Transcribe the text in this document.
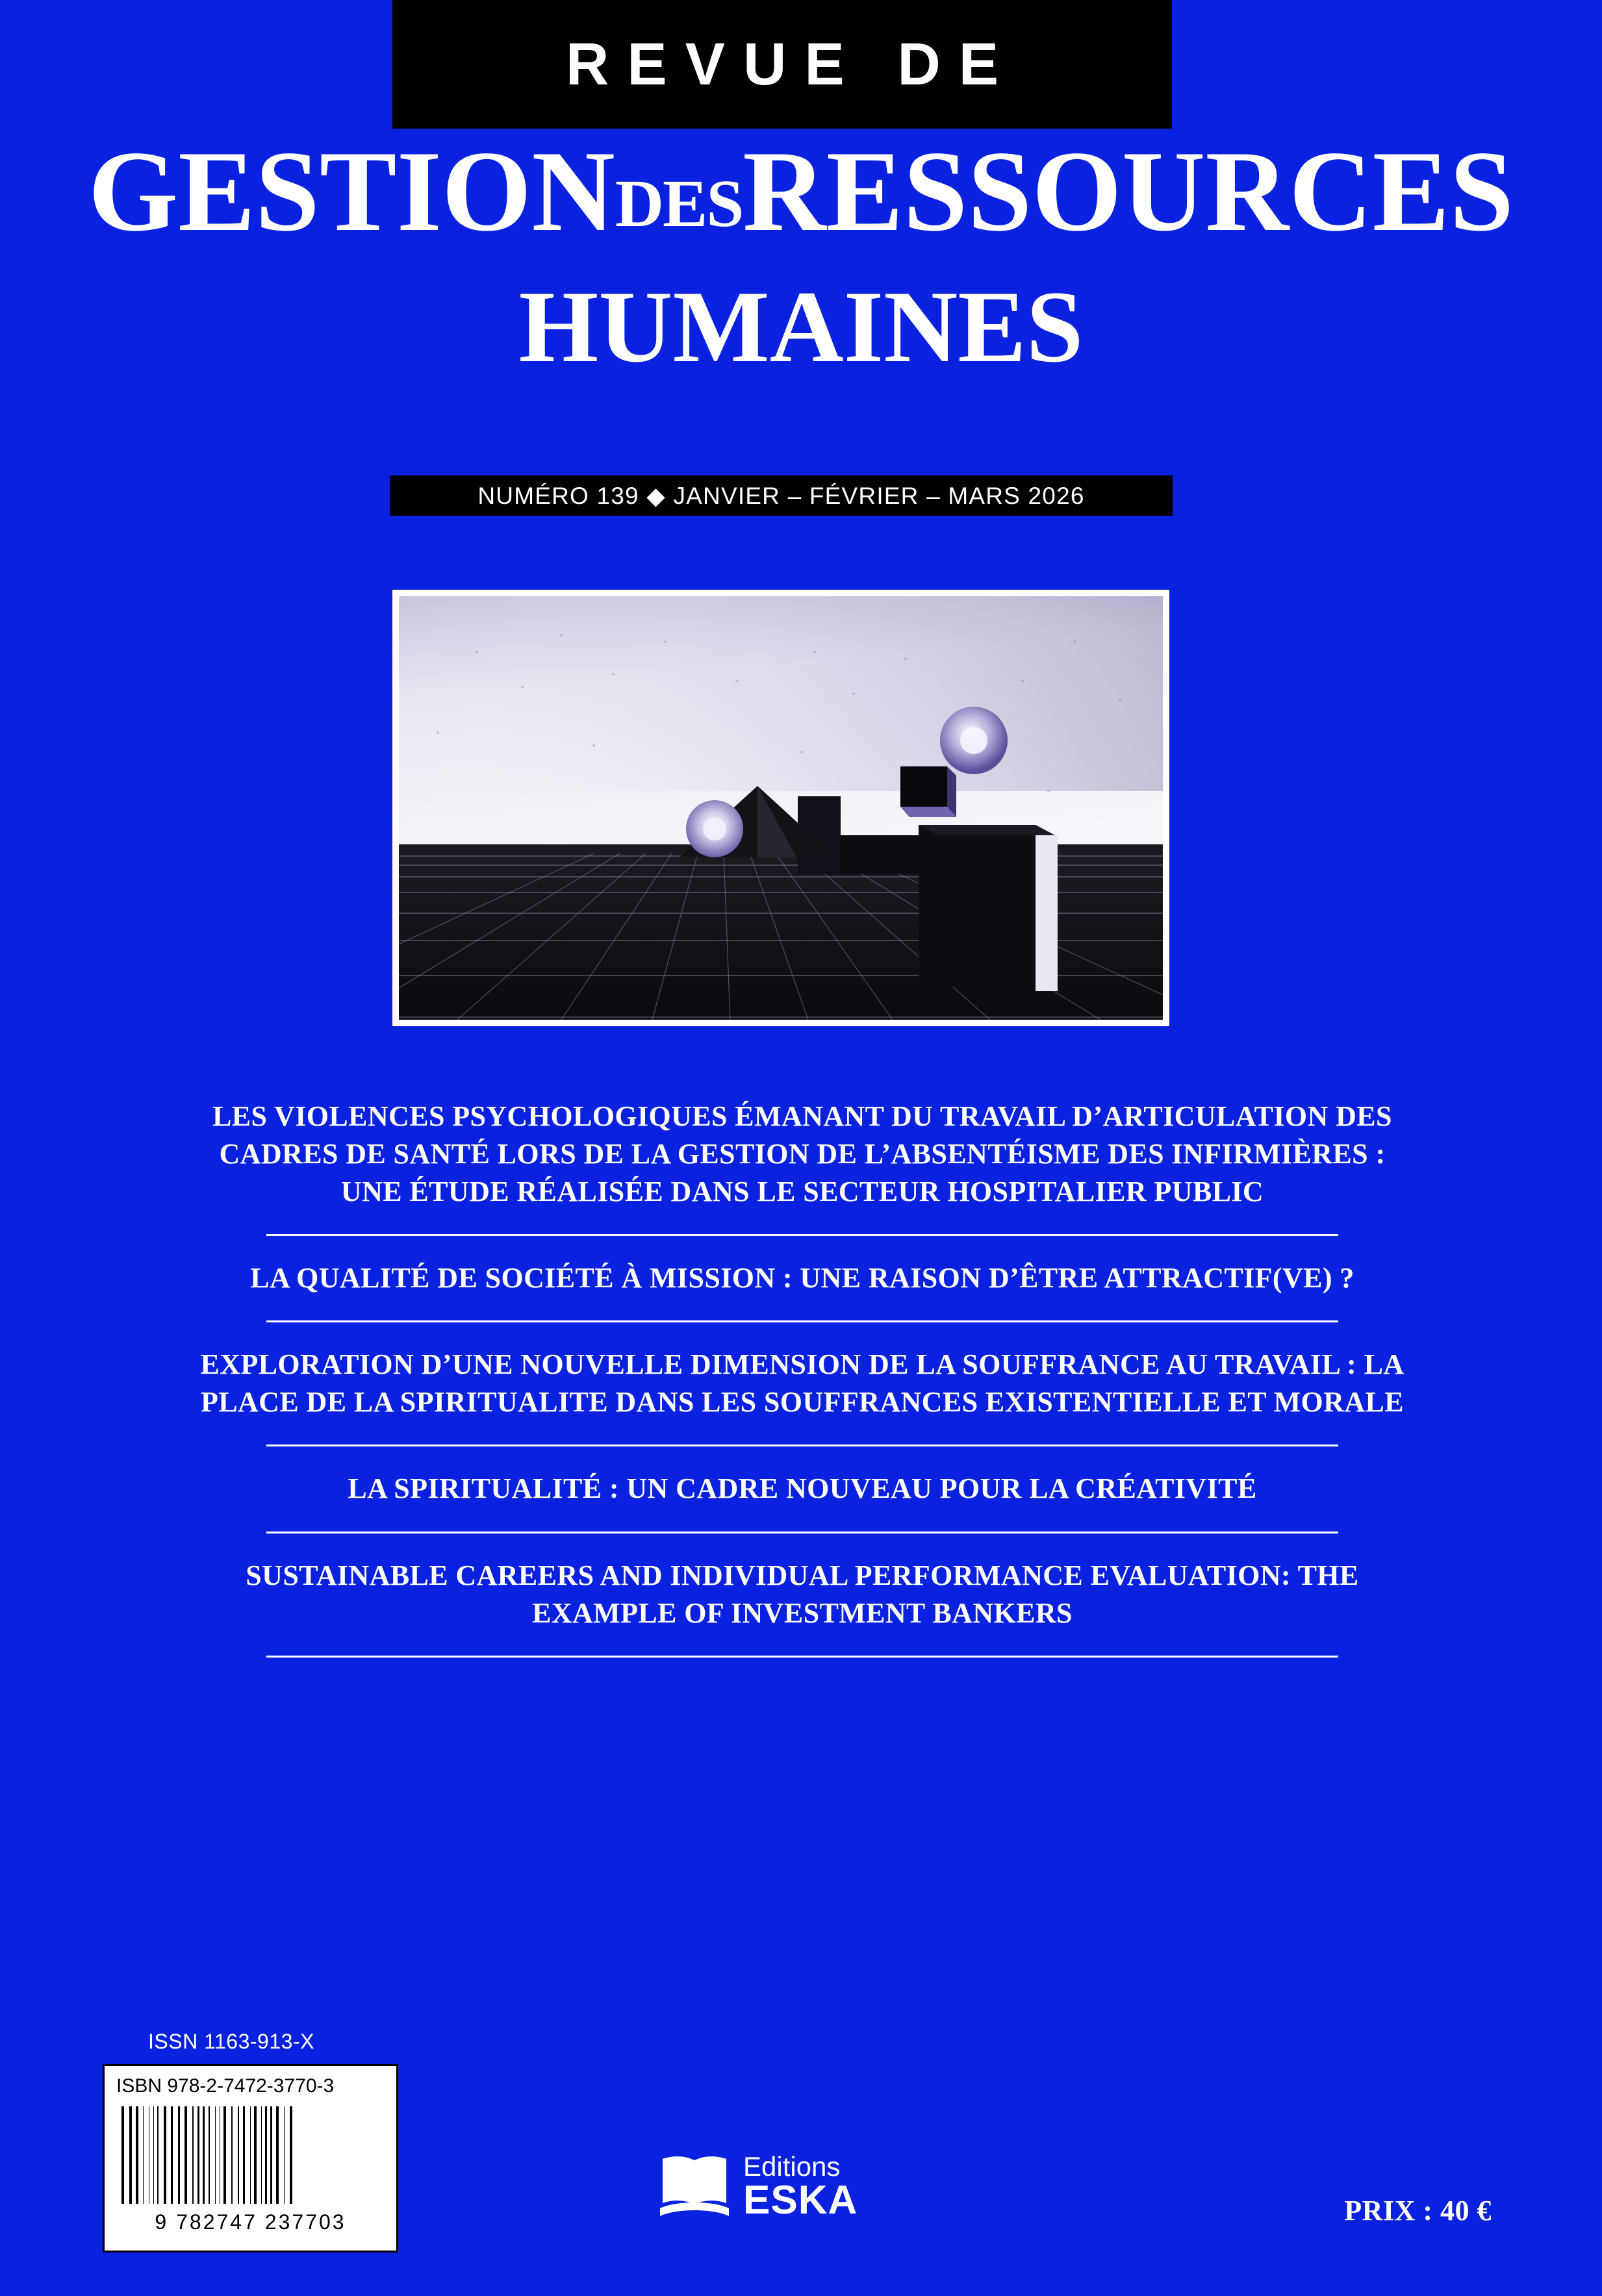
REVUE DE
GESTIONDESRESSOURCES
HUMAINES
NUMÉRO 139 ◆ JANVIER – FÉVRIER – MARS 2026
LES VIOLENCES PSYCHOLOGIQUES ÉMANANT DU TRAVAIL D’ARTICULATION DES CADRES DE SANTÉ LORS DE LA GESTION DE L’ABSENTÉISME DES INFIRMIÈRES : UNE ÉTUDE RÉALISÉE DANS LE SECTEUR HOSPITALIER PUBLIC
LA QUALITÉ DE SOCIÉTÉ À MISSION : UNE RAISON D’ÊTRE ATTRACTIF(VE) ?
EXPLORATION D’UNE NOUVELLE DIMENSION DE LA SOUFFRANCE AU TRAVAIL : LA PLACE DE LA SPIRITUALITE DANS LES SOUFFRANCES EXISTENTIELLE ET MORALE
LA SPIRITUALITÉ : UN CADRE NOUVEAU POUR LA CRÉATIVITÉ
SUSTAINABLE CAREERS AND INDIVIDUAL PERFORMANCE EVALUATION: THE EXAMPLE OF INVESTMENT BANKERS
ISSN 1163-913-X
ISBN 978-2-7472-3770-3
9 782747 237703
Editions
ESKA	PRIX : 40 €
